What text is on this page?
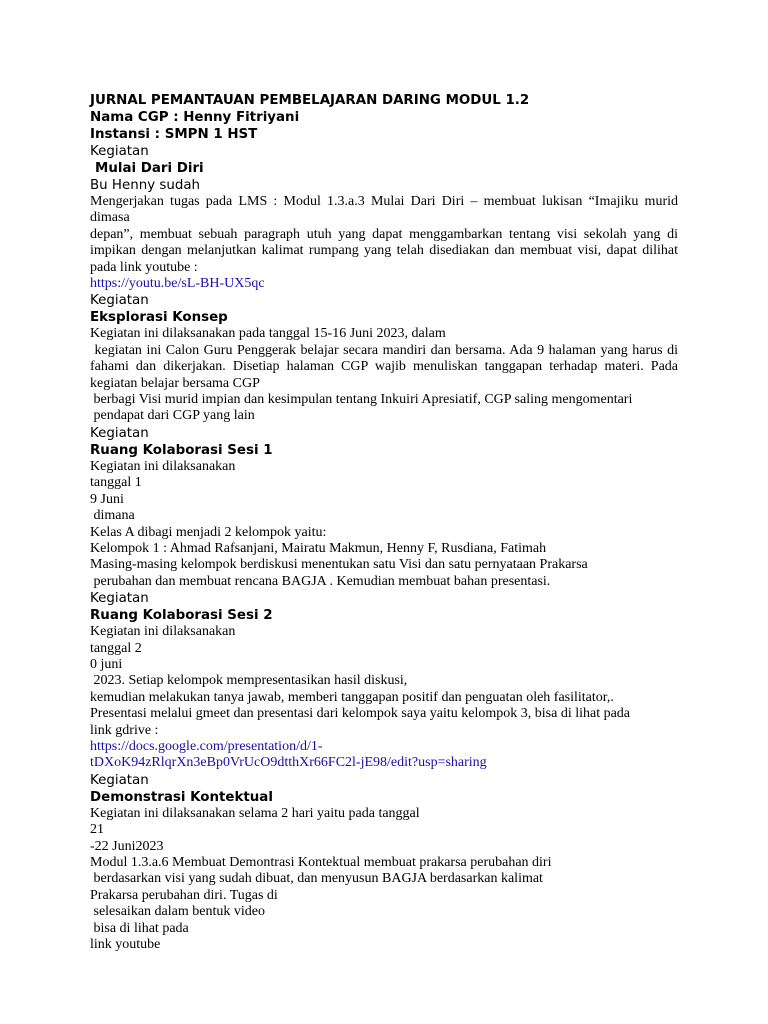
JURNAL PEMANTAUAN PEMBELAJARAN DARING MODUL 1.2
Nama CGP : Henny Fitriyani
Instansi : SMPN 1 HST
Kegiatan
Mulai Dari Diri
Bu Henny sudah

Mengerjakan tugas pada LMS : Modul 1.3.a.3 Mulai Dari Diri – membuat lukisan “Imajiku murid dimasa

depan”, membuat sebuah paragraph utuh yang dapat menggambarkan tentang visi sekolah yang di

impikan dengan melanjutkan kalimat rumpang yang telah disediakan dan membuat visi, dapat dilihat

pada link youtube :

https://youtu.be/sL-BH-UX5qc
Kegiatan
Eksplorasi Konsep

Kegiatan ini dilaksanakan pada tanggal 15-16 Juni 2023, dalam

kegiatan ini Calon Guru Penggerak belajar secara mandiri dan bersama. Ada 9 halaman yang harus di

fahami dan dikerjakan. Disetiap halaman CGP wajib menuliskan tanggapan terhadap materi. Pada

kegiatan belajar bersama CGP

berbagi Visi murid impian dan kesimpulan tentang Inkuiri Apresiatif, CGP saling mengomentari

pendapat dari CGP yang lain

Kegiatan
Ruang Kolaborasi Sesi 1

Kegiatan ini dilaksanakan

tanggal 1

9 Juni

dimana

Kelas A dibagi menjadi 2 kelompok yaitu:

Kelompok 1 : Ahmad Rafsanjani, Mairatu Makmun, Henny F, Rusdiana, Fatimah

Masing-masing kelompok berdiskusi menentukan satu Visi dan satu pernyataan Prakarsa

perubahan dan membuat rencana BAGJA . Kemudian membuat bahan presentasi.

Kegiatan
Ruang Kolaborasi Sesi 2

Kegiatan ini dilaksanakan

tanggal 2

0 juni

2023. Setiap kelompok mempresentasikan hasil diskusi,

kemudian melakukan tanya jawab, memberi tanggapan positif dan penguatan oleh fasilitator,.

Presentasi melalui gmeet dan presentasi dari kelompok saya yaitu kelompok 3, bisa di lihat pada

link gdrive :

https://docs.google.com/presentation/d/1-
tDXoK94zRlqrXn3eBp0VrUcO9dtthXr66FC2l-jE98/edit?usp=sharing
Kegiatan
Demonstrasi Kontektual

Kegiatan ini dilaksanakan selama 2 hari yaitu pada tanggal

21

-22 Juni2023

Modul 1.3.a.6 Membuat Demontrasi Kontektual membuat prakarsa perubahan diri

berdasarkan visi yang sudah dibuat, dan menyusun BAGJA berdasarkan kalimat

Prakarsa perubahan diri. Tugas di

selesaikan dalam bentuk video

bisa di lihat pada

link youtube
